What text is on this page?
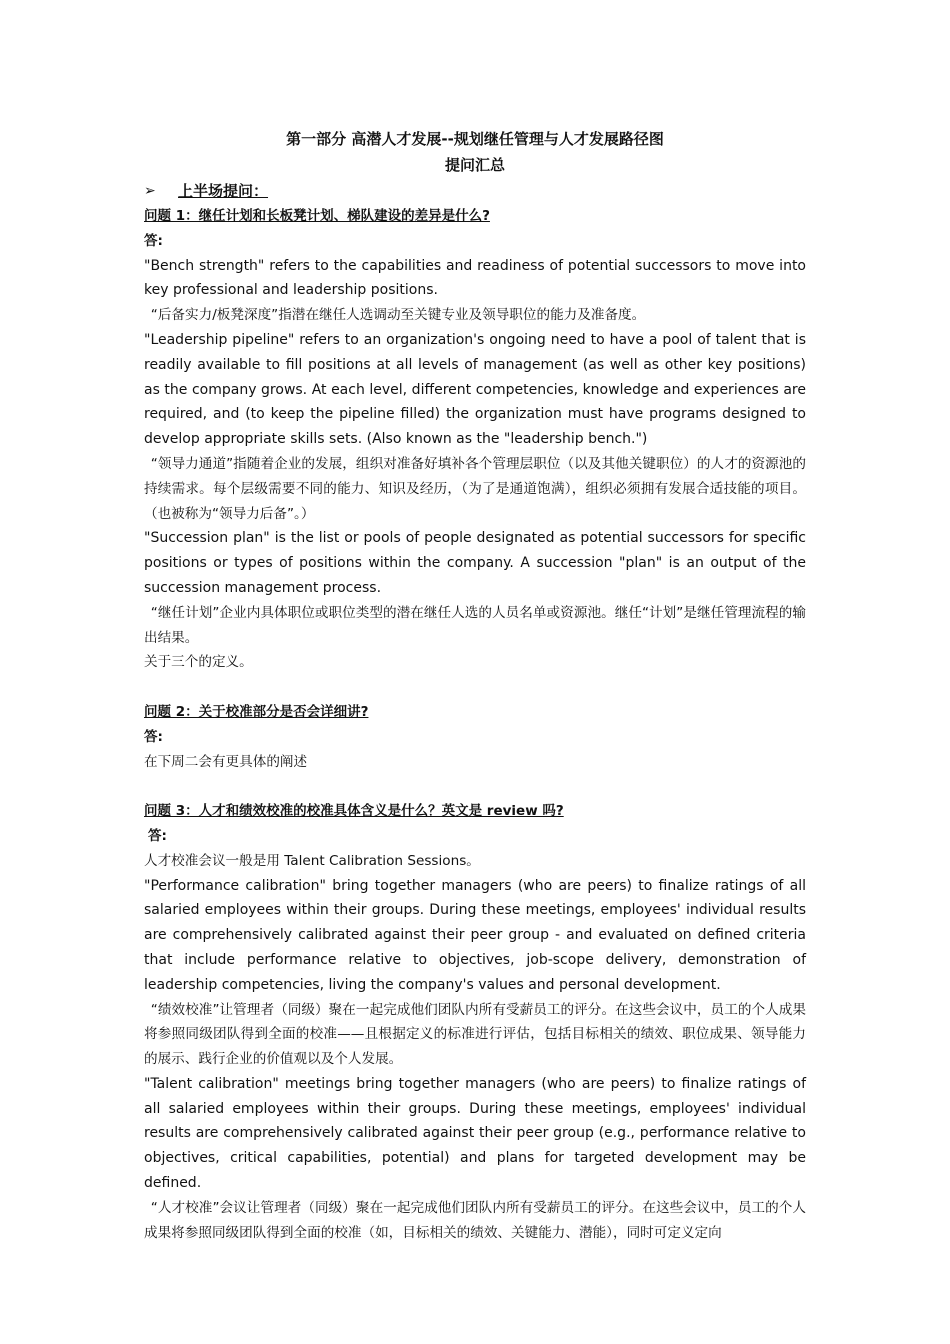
第一部分 高潜人才发展--规划继任管理与人才发展路径图

提问汇总

➢	上半场提问：

问题 1：继任计划和长板凳计划、梯队建设的差异是什么?

答:

"Bench strength" refers to the capabilities and readiness of potential successors to move into key professional and leadership positions.

“后备实力/板凳深度”指潜在继任人选调动至关键专业及领导职位的能力及准备度。

"Leadership pipeline" refers to an organization's ongoing need to have a pool of talent that is readily available to fill positions at all levels of management (as well as other key positions) as the company grows. At each level, different competencies, knowledge and experiences are required, and (to keep the pipeline filled) the organization must have programs designed to develop appropriate skills sets. (Also known as the "leadership bench.")

“领导力通道”指随着企业的发展，组织对准备好填补各个管理层职位（以及其他关键职位）的人才的资源池的持续需求。每个层级需要不同的能力、知识及经历，（为了是通道饱满），组织必须拥有发展合适技能的项目。（也被称为“领导力后备”。）

"Succession plan" is the list or pools of people designated as potential successors for specific positions or types of positions within the company. A succession "plan" is an output of the succession management process.

“继任计划”企业内具体职位或职位类型的潜在继任人选的人员名单或资源池。继任“计划”是继任管理流程的输出结果。

关于三个的定义。

问题 2：关于校准部分是否会详细讲?

答:

在下周二会有更具体的阐述

问题 3：人才和绩效校准的校准具体含义是什么？英文是 review 吗?

答:

人才校准会议一般是用 Talent Calibration Sessions。

"Performance calibration" bring together managers (who are peers) to finalize ratings of all salaried employees within their groups. During these meetings, employees' individual results are comprehensively calibrated against their peer group - and evaluated on defined criteria that include performance relative to objectives, job-scope delivery, demonstration of leadership competencies, living the company's values and personal development.

“绩效校准”让管理者（同级）聚在一起完成他们团队内所有受薪员工的评分。在这些会议中，员工的个人成果将参照同级团队得到全面的校准——且根据定义的标准进行评估，包括目标相关的绩效、职位成果、领导能力的展示、践行企业的价值观以及个人发展。

"Talent calibration" meetings bring together managers (who are peers) to finalize ratings of all salaried employees within their groups. During these meetings, employees' individual results are comprehensively calibrated against their peer group (e.g., performance relative to objectives, critical capabilities, potential) and plans for targeted development may be defined.

“人才校准”会议让管理者（同级）聚在一起完成他们团队内所有受薪员工的评分。在这些会议中，员工的个人成果将参照同级团队得到全面的校准（如，目标相关的绩效、关键能力、潜能），同时可定义定向
